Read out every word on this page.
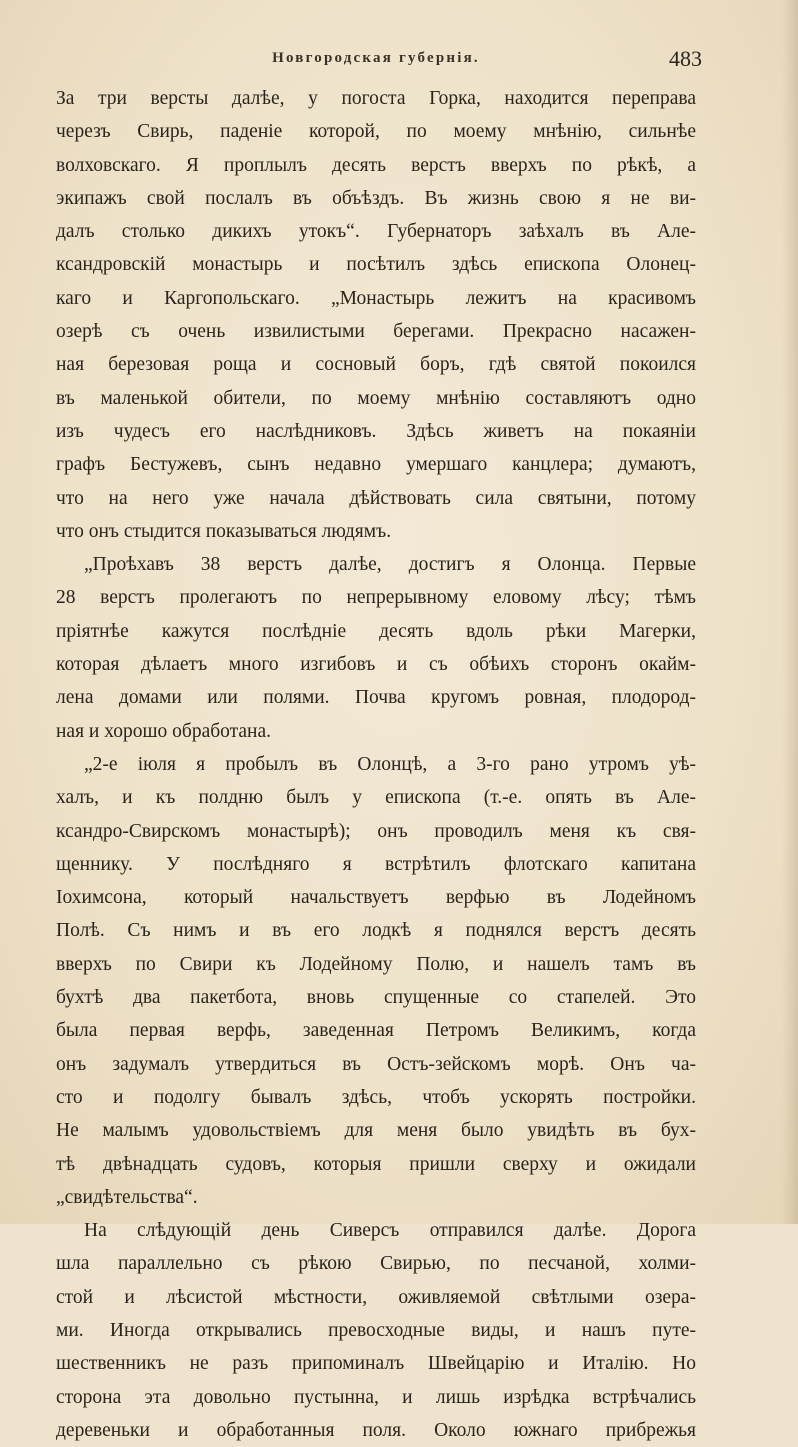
Новгородская губернія.	483
За три версты далѣе, у погоста Горка, находится переправа
черезъ Свирь, паденіе которой, по моему мнѣнію, сильнѣе
волховскаго. Я проплылъ десять верстъ вверхъ по рѣкѣ, а
экипажъ свой послалъ въ объѣздъ. Въ жизнь свою я не ви-
далъ столько дикихъ утокъ“. Губернаторъ заѣхалъ въ Але-
ксандровскій монастырь и посѣтилъ здѣсь епископа Олонец-
каго и Каргопольскаго. „Монастырь лежитъ на красивомъ
озерѣ съ очень извилистыми берегами. Прекрасно насажен-
ная березовая роща и сосновый боръ, гдѣ святой покоился
въ маленькой обители, по моему мнѣнію составляютъ одно
изъ чудесъ его наслѣдниковъ. Здѣсь живетъ на покаяніи
графъ Бестужевъ, сынъ недавно умершаго канцлера; думаютъ,
что на него уже начала дѣйствовать сила святыни, потому
что онъ стыдится показываться людямъ.
„Проѣхавъ 38 верстъ далѣе, достигъ я Олонца. Первые
28 верстъ пролегаютъ по непрерывному еловому лѣсу; тѣмъ
пріятнѣе кажутся послѣдніе десять вдоль рѣки Магерки,
которая дѣлаетъ много изгибовъ и съ обѣихъ сторонъ окайм-
лена домами или полями. Почва кругомъ ровная, плодород-
ная и хорошо обработана.
„2-е іюля я пробылъ въ Олонцѣ, а 3-го рано утромъ уѣ-
халъ, и къ полдню былъ у епископа (т.-е. опять въ Але-
ксандро-Свирскомъ монастырѣ); онъ проводилъ меня къ свя-
щеннику. У послѣдняго я встрѣтилъ флотскаго капитана
Іохимсона, который начальствуетъ верфью въ Лодейномъ
Полѣ. Съ нимъ и въ его лодкѣ я поднялся верстъ десять
вверхъ по Свири къ Лодейному Полю, и нашелъ тамъ въ
бухтѣ два пакетбота, вновь спущенные со стапелей. Это
была первая верфь, заведенная Петромъ Великимъ, когда
онъ задумалъ утвердиться въ Остъ-зейскомъ морѣ. Онъ ча-
сто и подолгу бывалъ здѣсь, чтобъ ускорять постройки.
Не малымъ удовольствіемъ для меня было увидѣть въ бух-
тѣ двѣнадцать судовъ, которыя пришли сверху и ожидали
„свидѣтельства“.
На слѣдующій день Сиверсъ отправился далѣе. Дорога
шла параллельно съ рѣкою Свирью, по песчаной, холми-
стой и лѣсистой мѣстности, оживляемой свѣтлыми озера-
ми. Иногда открывались превосходные виды, и нашъ путе-
шественникъ не разъ припоминалъ Швейцарію и Италію. Но
сторона эта довольно пустынна, и лишь изрѣдка встрѣчались
деревеньки и обработанныя поля. Около южнаго прибрежья
